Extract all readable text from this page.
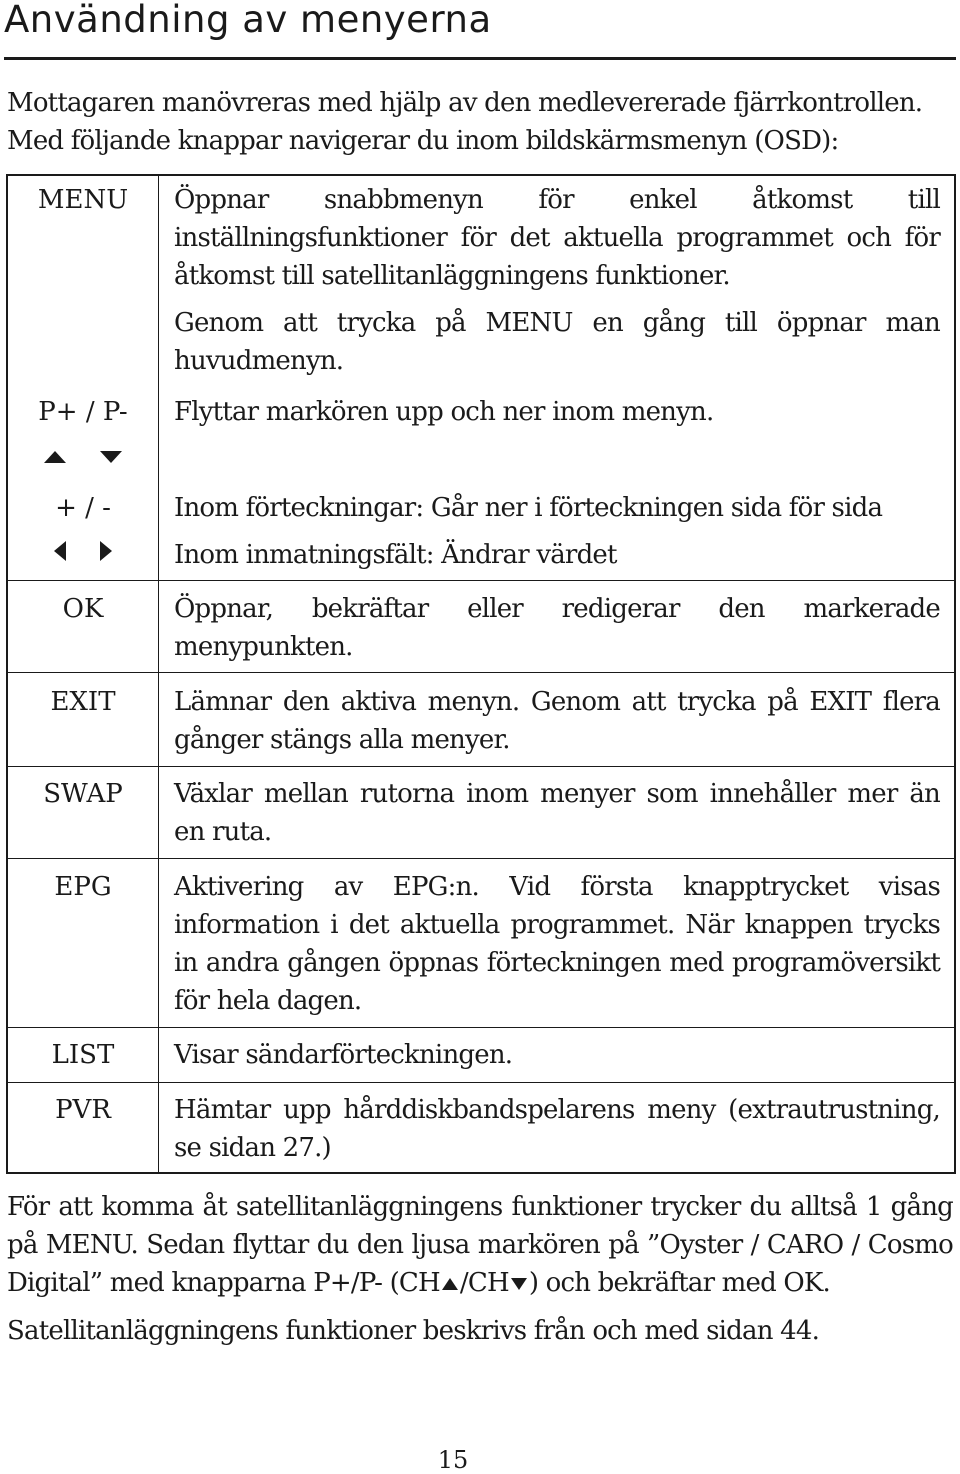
Användning av menyerna
Mottagaren manövreras med hjälp av den medlevererade fjärrkontrollen.
Med följande knappar navigerar du inom bildskärmsmenyn (OSD):
MENU	Öppnar snabbmenyn för enkel åtkomst till inställningsfunktioner för det aktuella programmet och för åtkomst till satellitanläggningens funktioner.

Genom att trycka på MENU en gång till öppnar man huvudmenyn.

P+ / P-	Flyttar markören upp och ner inom menyn.

+ / -	Inom förteckningar: Går ner i förteckningen sida för sida

Inom inmatningsfält: Ändrar värdet

OK	Öppnar, bekräftar eller redigerar den markerade menypunkten.
EXIT	Lämnar den aktiva menyn. Genom att trycka på EXIT flera gånger stängs alla menyer.
SWAP	Växlar mellan rutorna inom menyer som innehåller mer än en ruta.
EPG	Aktivering av EPG:n. Vid första knapptrycket visas information i det aktuella programmet. När knappen trycks in andra gången öppnas förteckningen med programöversikt för hela dagen.
LIST	Visar sändarförteckningen.
PVR	Hämtar upp hårddiskbandspelarens meny (extrautrustning, se sidan 27.)

För att komma åt satellitanläggningens funktioner trycker du alltså 1 gång på MENU. Sedan flyttar du den ljusa markören på ”Oyster / CARO / Cosmo Digital” med knapparna P+/P- (CH /CH ) och bekräftar med OK.

Satellitanläggningens funktioner beskrivs från och med sidan 44.

15
